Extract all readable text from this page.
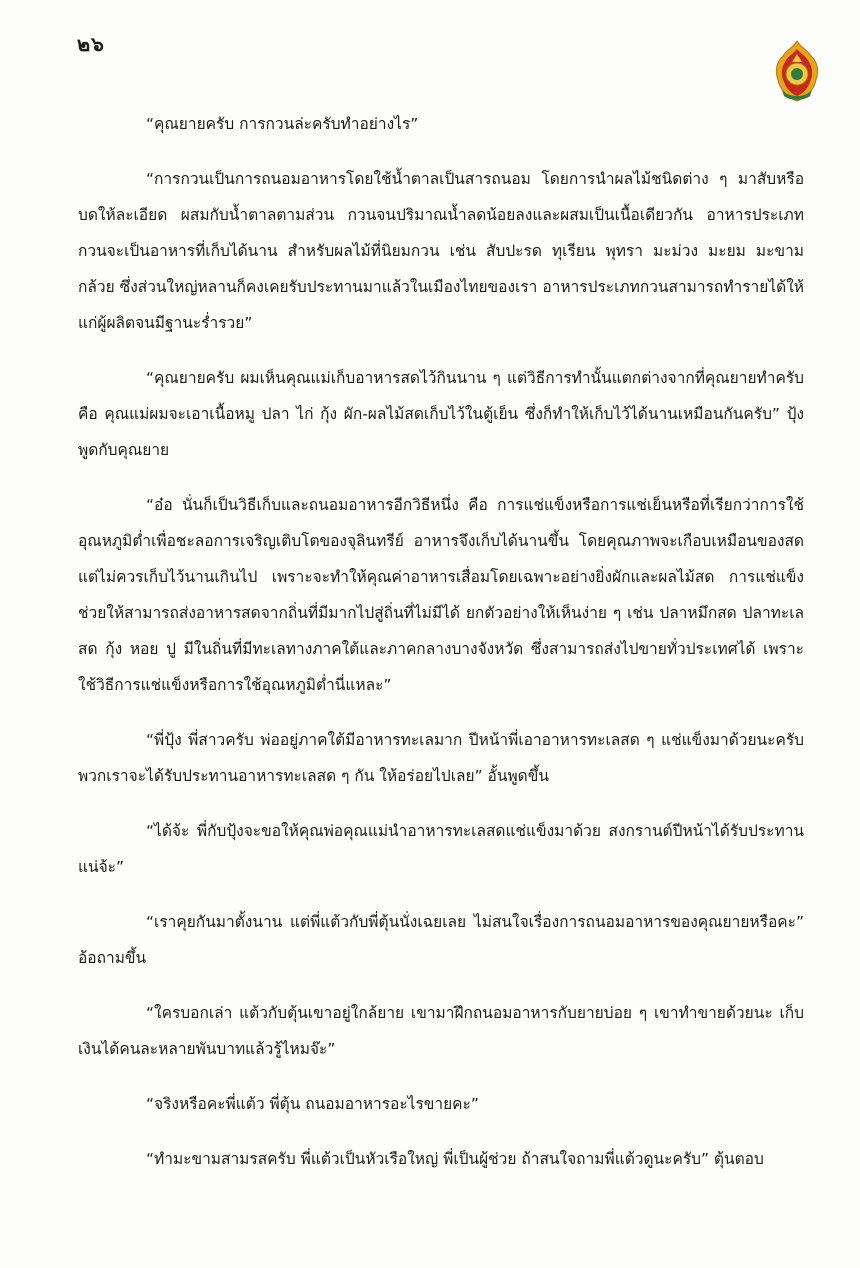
๒๖

“คุณยายครับ การกวนล่ะครับทำอย่างไร”

“การกวนเป็นการถนอมอาหารโดยใช้น้ำตาลเป็นสารถนอม โดยการนำผลไม้ชนิดต่าง ๆ มาสับหรือบดให้ละเอียด ผสมกับน้ำตาลตามส่วน กวนจนปริมาณน้ำลดน้อยลงและผสมเป็นเนื้อเดียวกัน อาหารประเภทกวนจะเป็นอาหารที่เก็บได้นาน สำหรับผลไม้ที่นิยมกวน เช่น สับปะรด ทุเรียน พุทรา มะม่วง มะยม มะขาม กล้วย ซึ่งส่วนใหญ่หลานก็คงเคยรับประทานมาแล้วในเมืองไทยของเรา อาหารประเภทกวนสามารถทำรายได้ให้แก่ผู้ผลิตจนมีฐานะร่ำรวย”

“คุณยายครับ ผมเห็นคุณแม่เก็บอาหารสดไว้กินนาน ๆ แต่วิธีการทำนั้นแตกต่างจากที่คุณยายทำครับ คือ คุณแม่ผมจะเอาเนื้อหมู ปลา ไก่ กุ้ง ผัก-ผลไม้สดเก็บไว้ในตู้เย็น ซึ่งก็ทำให้เก็บไว้ได้นานเหมือนกันครับ” ปุ้งพูดกับคุณยาย

“อ๋อ นั่นก็เป็นวิธีเก็บและถนอมอาหารอีกวิธีหนึ่ง คือ การแช่แข็งหรือการแช่เย็นหรือที่เรียกว่าการใช้อุณหภูมิต่ำเพื่อชะลอการเจริญเติบโตของจุลินทรีย์ อาหารจึงเก็บได้นานขึ้น โดยคุณภาพจะเกือบเหมือนของสด แต่ไม่ควรเก็บไว้นานเกินไป เพราะจะทำให้คุณค่าอาหารเสื่อมโดยเฉพาะอย่างยิ่งผักและผลไม้สด การแช่แข็งช่วยให้สามารถส่งอาหารสดจากถิ่นที่มีมากไปสู่ถิ่นที่ไม่มีได้ ยกตัวอย่างให้เห็นง่าย ๆ เช่น ปลาหมึกสด ปลาทะเลสด กุ้ง หอย ปู มีในถิ่นที่มีทะเลทางภาคใต้และภาคกลางบางจังหวัด ซึ่งสามารถส่งไปขายทั่วประเทศได้ เพราะใช้วิธีการแช่แข็งหรือการใช้อุณหภูมิต่ำนี่แหละ”

“พี่ปุ้ง พี่สาวครับ พ่ออยู่ภาคใต้มีอาหารทะเลมาก ปีหน้าพี่เอาอาหารทะเลสด ๆ แช่แข็งมาด้วยนะครับ พวกเราจะได้รับประทานอาหารทะเลสด ๆ กัน ให้อร่อยไปเลย” อั้นพูดขึ้น

“ได้จ้ะ พี่กับปุ้งจะขอให้คุณพ่อคุณแม่นำอาหารทะเลสดแช่แข็งมาด้วย สงกรานต์ปีหน้าได้รับประทานแน่จ้ะ”

“เราคุยกันมาตั้งนาน แต่พี่แต้วกับพี่ตุ้นนั่งเฉยเลย ไม่สนใจเรื่องการถนอมอาหารของคุณยายหรือคะ” อ้อถามขึ้น

“ใครบอกเล่า แต้วกับตุ้นเขาอยู่ใกล้ยาย เขามาฝึกถนอมอาหารกับยายบ่อย ๆ เขาทำขายด้วยนะ เก็บเงินได้คนละหลายพันบาทแล้วรู้ไหมจ๊ะ”

“จริงหรือคะพี่แต้ว พี่ตุ้น ถนอมอาหารอะไรขายคะ”

“ทำมะขามสามรสครับ พี่แต้วเป็นหัวเรือใหญ่ พี่เป็นผู้ช่วย ถ้าสนใจถามพี่แต้วดูนะครับ” ตุ้นตอบ
